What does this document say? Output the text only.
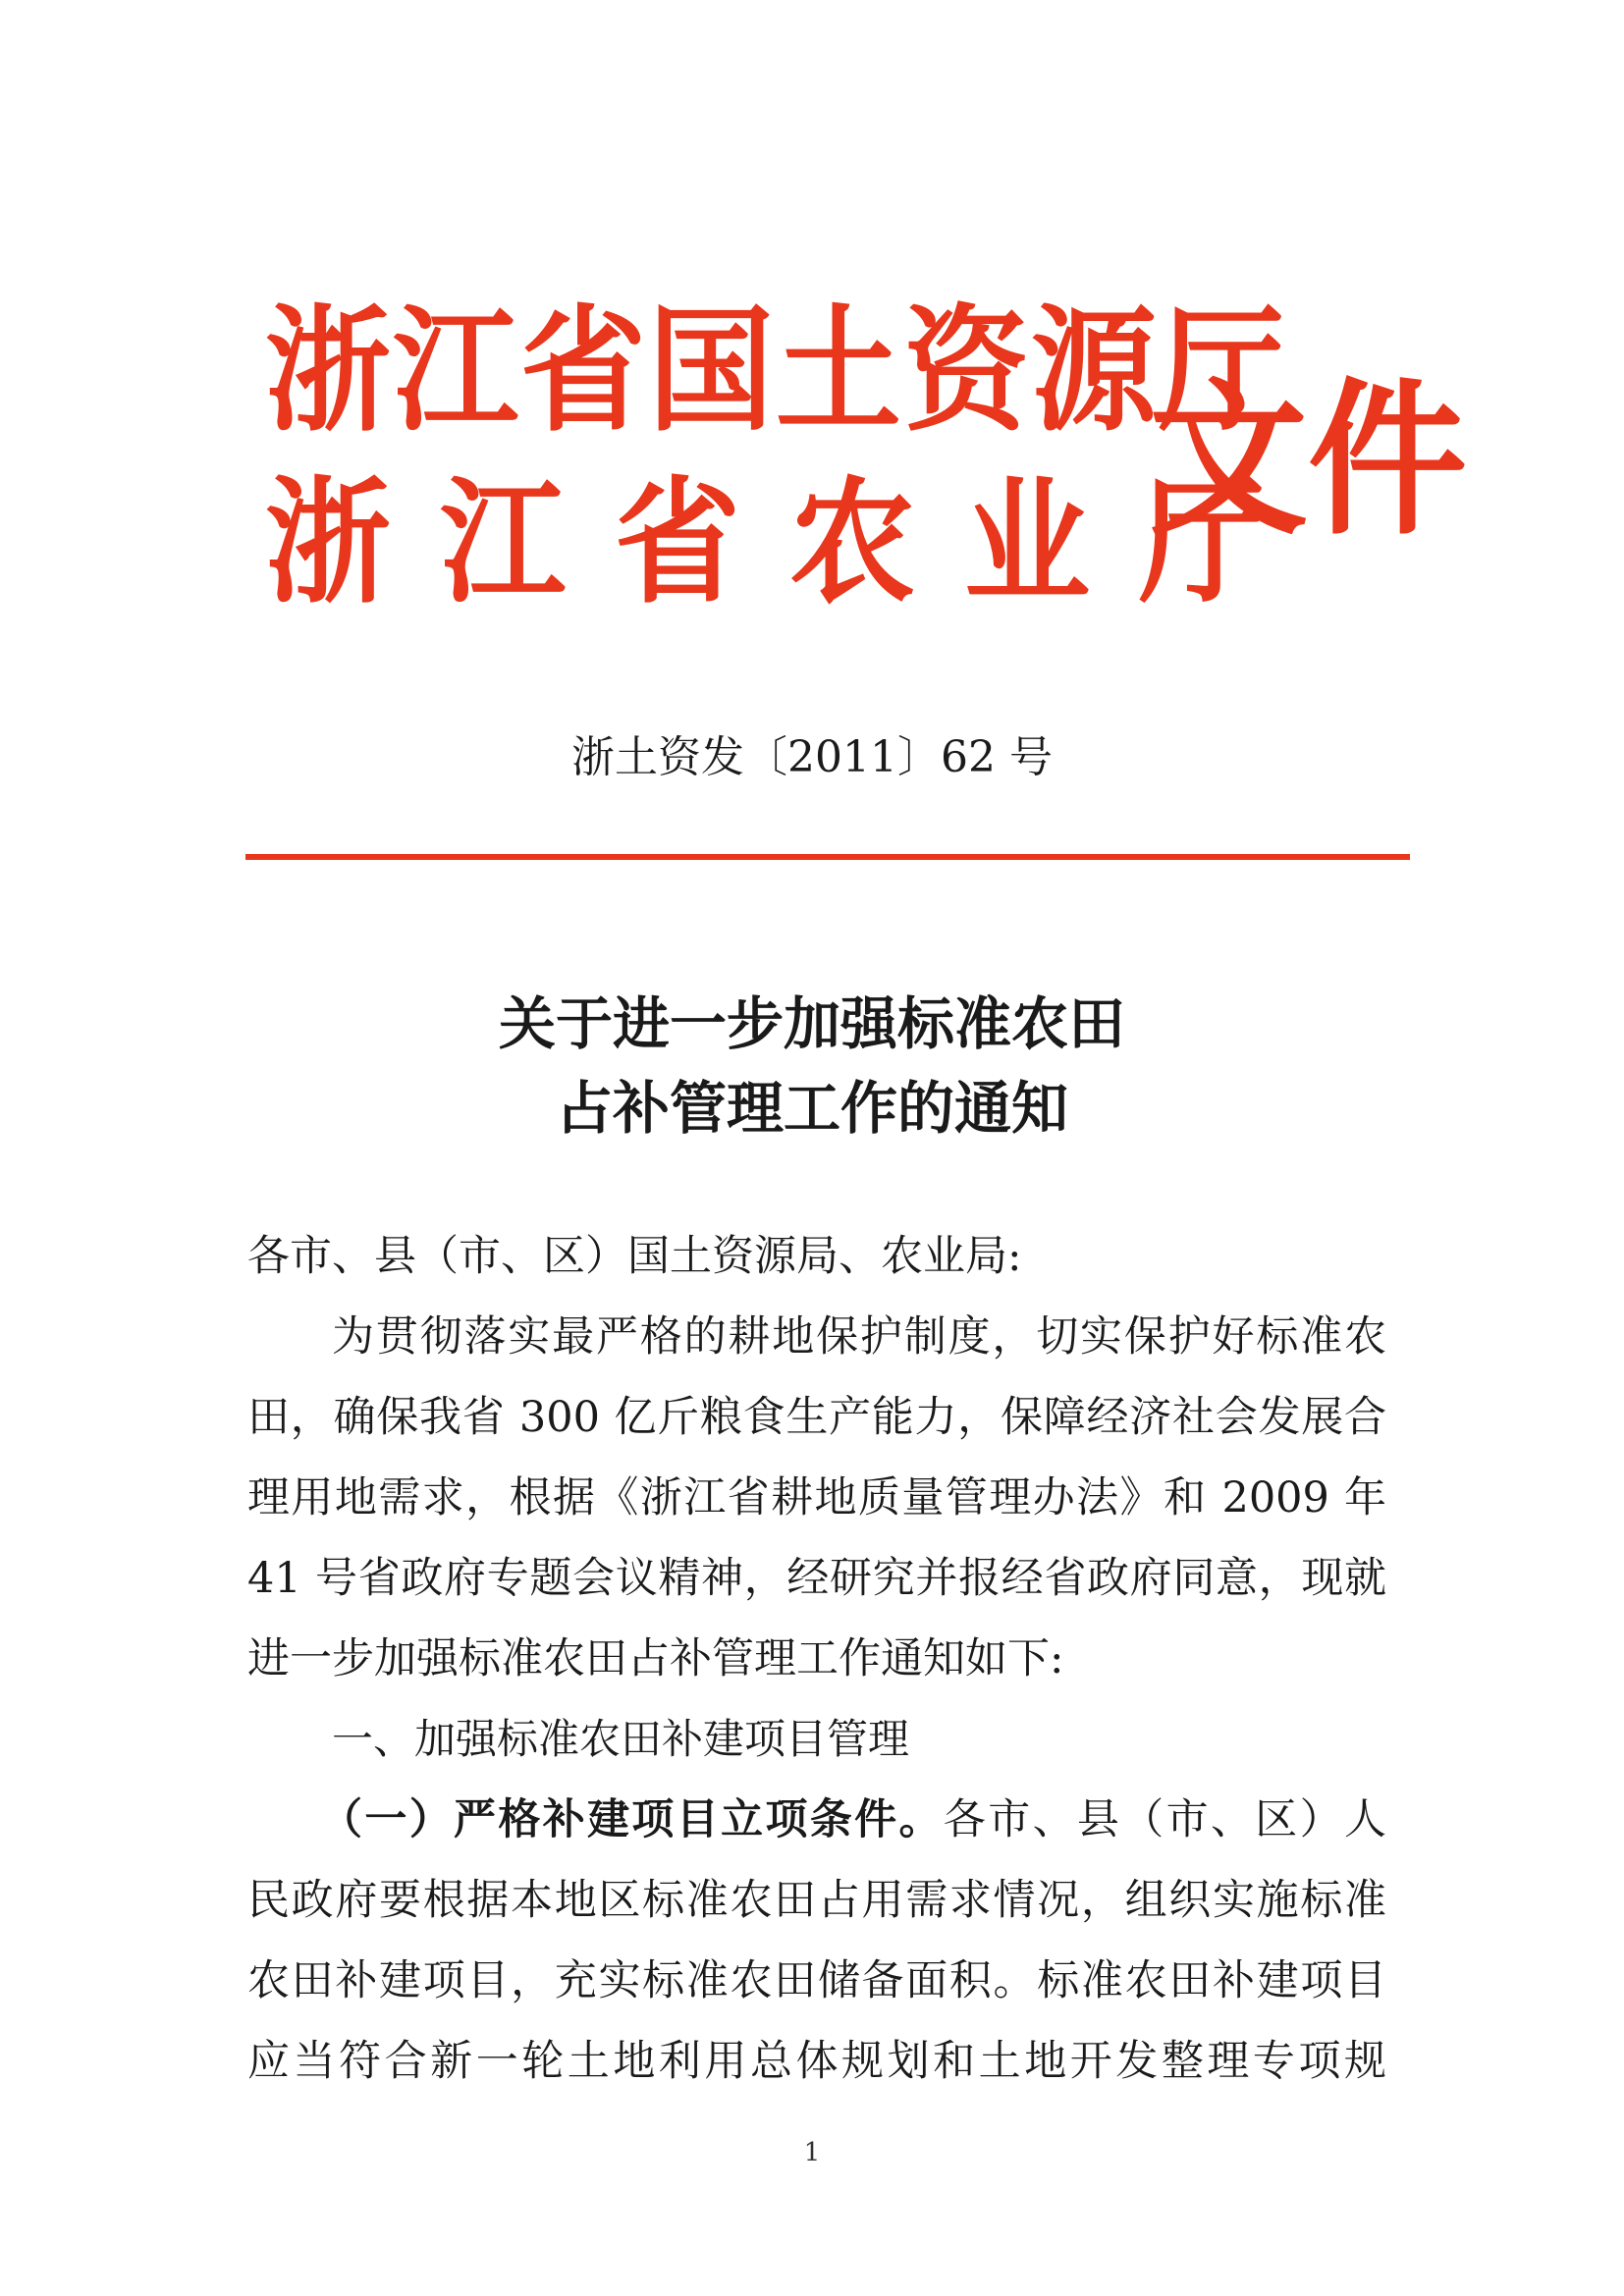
浙江省国土资源厅
浙江省农业厅
文件
浙土资发〔2011〕62 号
关于进一步加强标准农田
占补管理工作的通知
各市、县（市、区）国土资源局、农业局:
为贯彻落实最严格的耕地保护制度，切实保护好标准农
田，确保我省 300 亿斤粮食生产能力，保障经济社会发展合
理用地需求，根据《浙江省耕地质量管理办法》和 2009 年
41 号省政府专题会议精神，经研究并报经省政府同意，现就
进一步加强标准农田占补管理工作通知如下:
一、加强标准农田补建项目管理
（一）严格补建项目立项条件。各市、县（市、区）人
民政府要根据本地区标准农田占用需求情况，组织实施标准
农田补建项目，充实标准农田储备面积。标准农田补建项目
应当符合新一轮土地利用总体规划和土地开发整理专项规
1
